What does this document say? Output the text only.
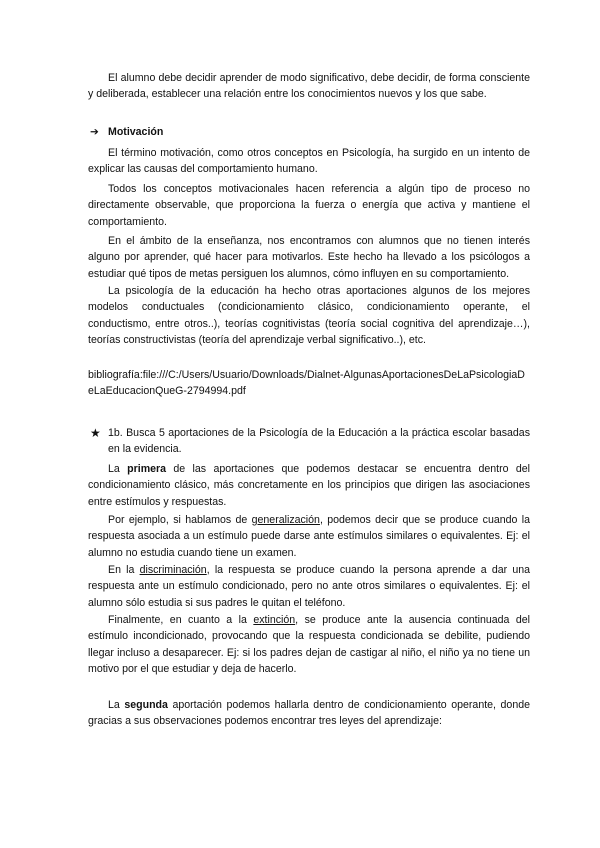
El alumno debe decidir aprender de modo significativo, debe decidir, de forma consciente y deliberada, establecer una relación entre los conocimientos nuevos y los que sabe.

➔ Motivación

El término motivación, como otros conceptos en Psicología, ha surgido en un intento de explicar las causas del comportamiento humano.

Todos los conceptos motivacionales hacen referencia a algún tipo de proceso no directamente observable, que proporciona la fuerza o energía que activa y mantiene el comportamiento.

En el ámbito de la enseñanza, nos encontramos con alumnos que no tienen interés alguno por aprender, qué hacer para motivarlos. Este hecho ha llevado a los psicólogos a estudiar qué tipos de metas persiguen los alumnos, cómo influyen en su comportamiento.

La psicología de la educación ha hecho otras aportaciones algunos de los mejores modelos conductuales (condicionamiento clásico, condicionamiento operante, el conductismo, entre otros..), teorías cognitivistas (teoría social cognitiva del aprendizaje…), teorías constructivistas (teoría del aprendizaje verbal significativo..), etc.

bibliografía:file:///C:/Users/Usuario/Downloads/Dialnet-AlgunasAportacionesDeLaPsicologiaDeLaEducacionQueG-2794994.pdf

★ 1b. Busca 5 aportaciones de la Psicología de la Educación a la práctica escolar basadas en la evidencia.

La primera de las aportaciones que podemos destacar se encuentra dentro del condicionamiento clásico, más concretamente en los principios que dirigen las asociaciones entre estímulos y respuestas.

Por ejemplo, si hablamos de generalización, podemos decir que se produce cuando la respuesta asociada a un estímulo puede darse ante estímulos similares o equivalentes. Ej: el alumno no estudia cuando tiene un examen.

En la discriminación, la respuesta se produce cuando la persona aprende a dar una respuesta ante un estímulo condicionado, pero no ante otros similares o equivalentes. Ej: el alumno sólo estudia si sus padres le quitan el teléfono.

Finalmente, en cuanto a la extinción, se produce ante la ausencia continuada del estímulo incondicionado, provocando que la respuesta condicionada se debilite, pudiendo llegar incluso a desaparecer. Ej: si los padres dejan de castigar al niño, el niño ya no tiene un motivo por el que estudiar y deja de hacerlo.

La segunda aportación podemos hallarla dentro de condicionamiento operante, donde gracias a sus observaciones podemos encontrar tres leyes del aprendizaje:
